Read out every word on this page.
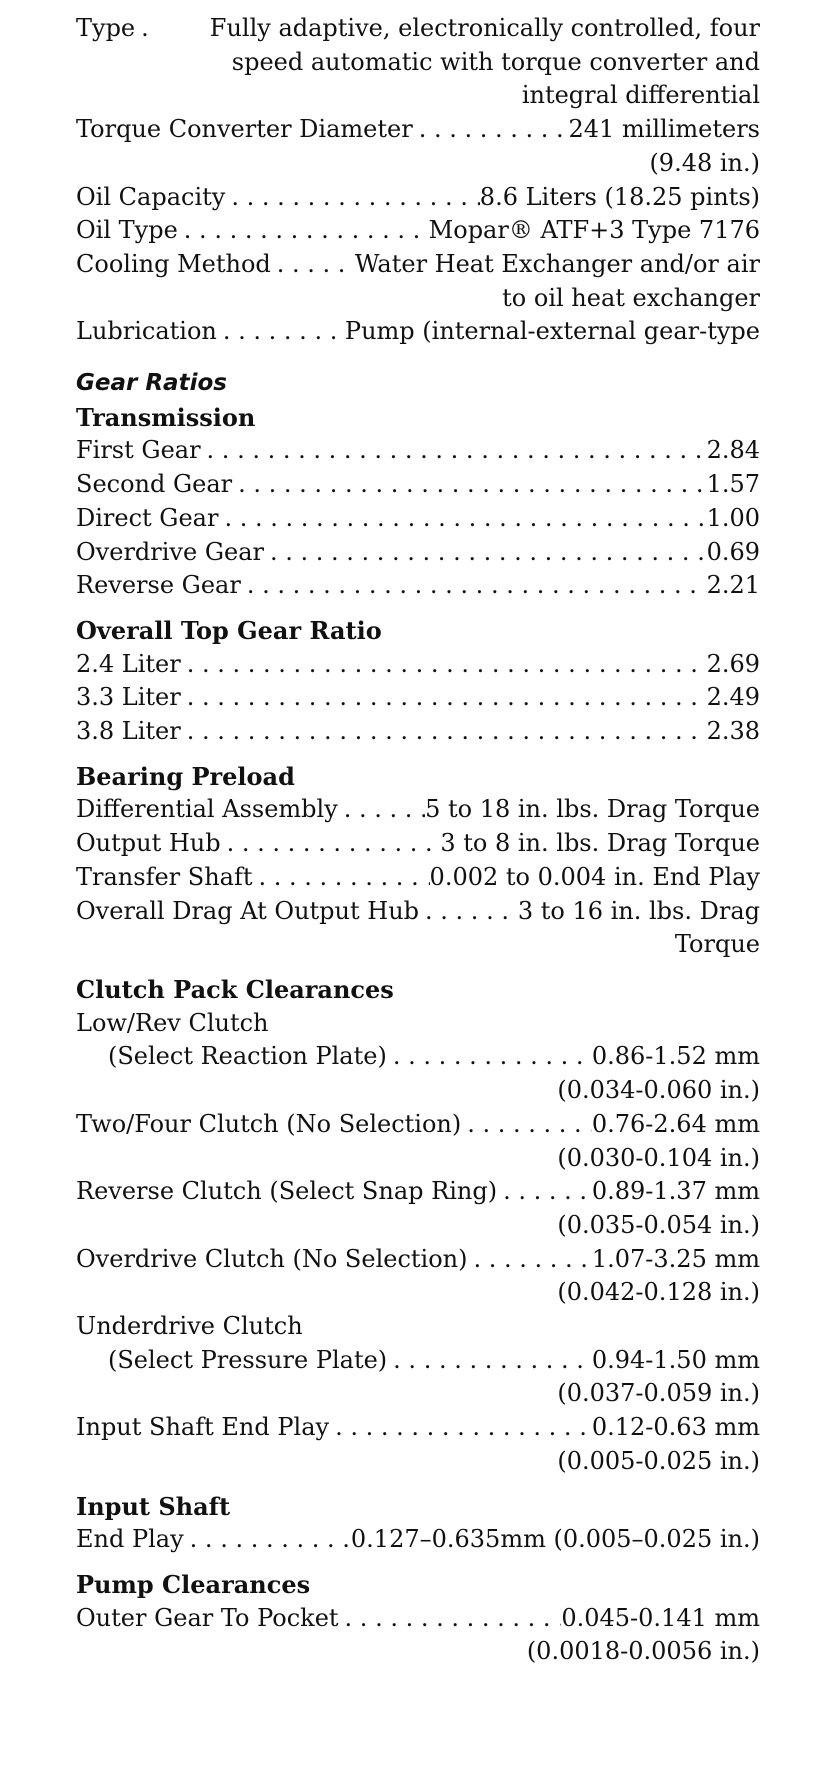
Type . . .	Fully adaptive, electronically controlled, four
speed automatic with torque converter and
integral differential
Torque Converter Diameter . . .	241 millimeters
(9.48 in.)
Oil Capacity . . .	8.6 Liters (18.25 pints)
Oil Type . . .	Mopar® ATF+3 Type 7176
Cooling Method . . .	Water Heat Exchanger and/or air
to oil heat exchanger
Lubrication . . .	Pump (internal-external gear-type
Gear Ratios
Transmission
First Gear . . .	2.84
Second Gear . . .	1.57
Direct Gear . . .	1.00
Overdrive Gear . . .	0.69
Reverse Gear . . .	2.21
Overall Top Gear Ratio
2.4 Liter . . .	2.69
3.3 Liter . . .	2.49
3.8 Liter . . .	2.38
Bearing Preload
Differential Assembly . . .	5 to 18 in. lbs. Drag Torque
Output Hub . . .	3 to 8 in. lbs. Drag Torque
Transfer Shaft . . .	0.002 to 0.004 in. End Play
Overall Drag At Output Hub . . .	3 to 16 in. lbs. Drag
Torque
Clutch Pack Clearances
Low/Rev Clutch
(Select Reaction Plate) . . .	0.86-1.52 mm
(0.034-0.060 in.)
Two/Four Clutch (No Selection) . . .	0.76-2.64 mm
(0.030-0.104 in.)
Reverse Clutch (Select Snap Ring) . . .	0.89-1.37 mm
(0.035-0.054 in.)
Overdrive Clutch (No Selection) . . .	1.07-3.25 mm
(0.042-0.128 in.)
Underdrive Clutch
(Select Pressure Plate) . . .	0.94-1.50 mm
(0.037-0.059 in.)
Input Shaft End Play . . .	0.12-0.63 mm
(0.005-0.025 in.)
Input Shaft
End Play . . .	0.127–0.635mm (0.005–0.025 in.)
Pump Clearances
Outer Gear To Pocket . . .	0.045-0.141 mm
(0.0018-0.0056 in.)
